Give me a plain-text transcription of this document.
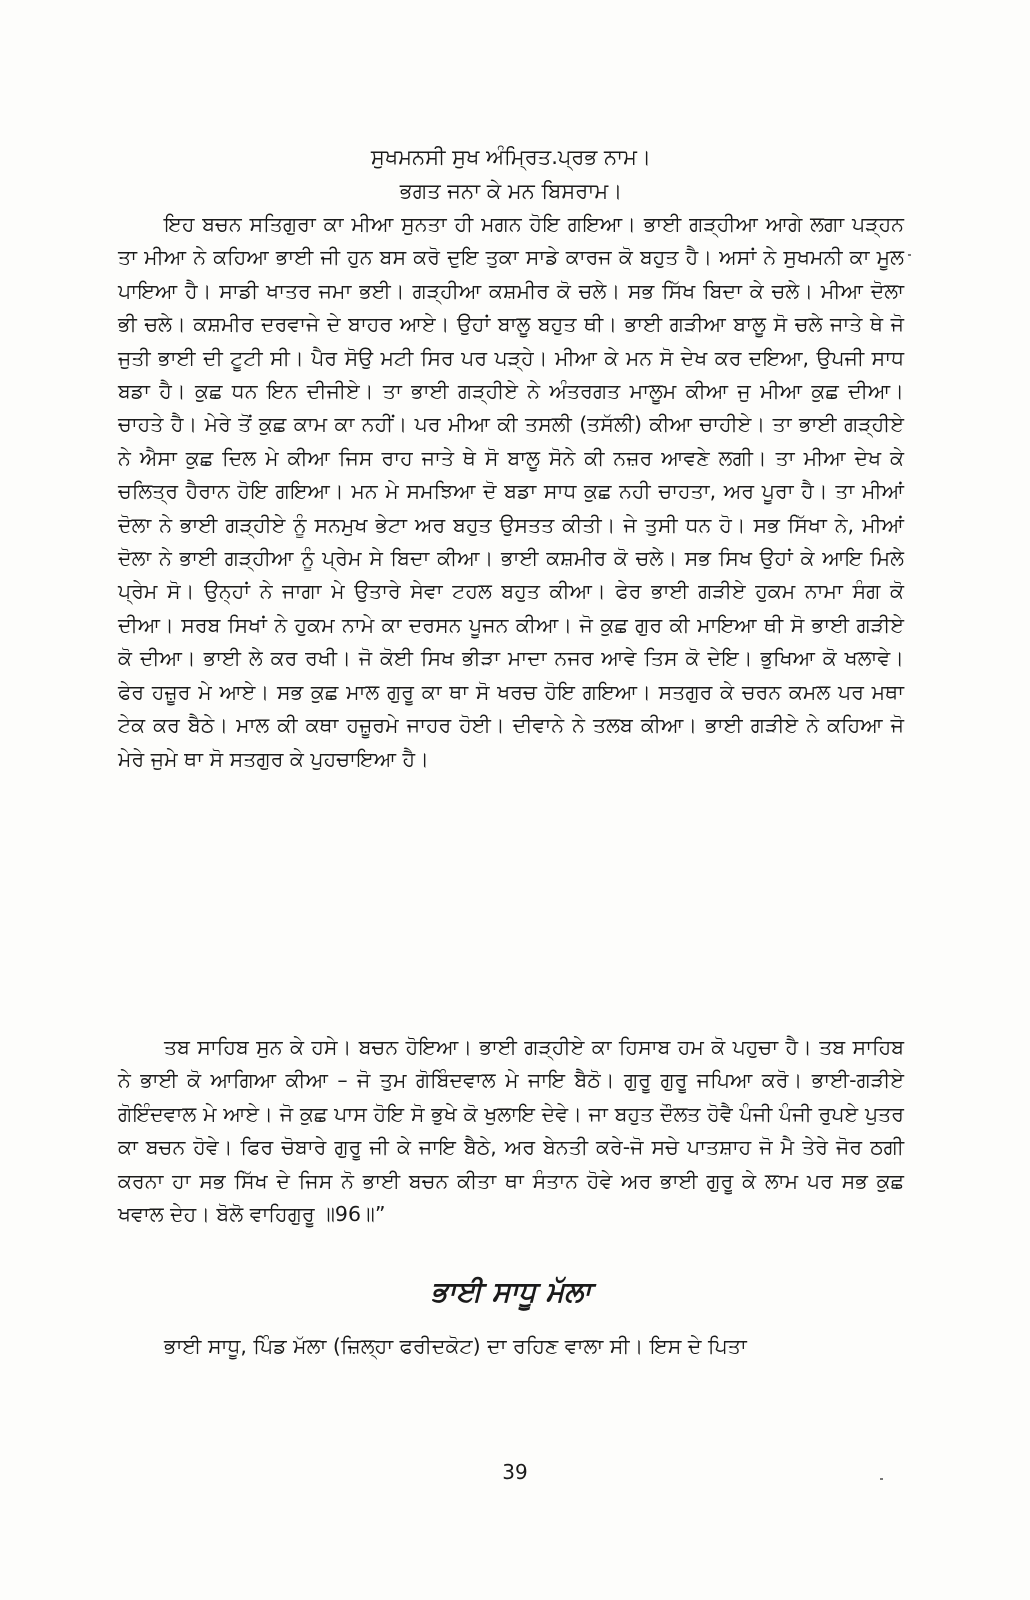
ਸੁਖਮਨਸੀ ਸੁਖ ਅੰਮ੍ਰਿਤ.ਪ੍ਰਭ ਨਾਮ।
ਭਗਤ ਜਨਾ ਕੇ ਮਨ ਬਿਸਰਾਮ।

ਇਹ ਬਚਨ ਸਤਿਗੁਰਾ ਕਾ ਮੀਆ ਸੁਨਤਾ ਹੀ ਮਗਨ ਹੋਇ ਗਇਆ। ਭਾਈ ਗੜ੍ਹੀਆ ਆਗੇ ਲਗਾ ਪੜ੍ਹਨ ਤਾ ਮੀਆ ਨੇ ਕਹਿਆ ਭਾਈ ਜੀ ਹੁਨ ਬਸ ਕਰੋ ਦੁਇ ਤੁਕਾ ਸਾਡੇ ਕਾਰਜ ਕੋ ਬਹੁਤ ਹੈ। ਅਸਾਂ ਨੇ ਸੁਖਮਨੀ ਕਾ ਮੂਲ ਪਾਇਆ ਹੈ। ਸਾਡੀ ਖਾਤਰ ਜਮਾ ਭਈ। ਗੜ੍ਹੀਆ ਕਸ਼ਮੀਰ ਕੋ ਚਲੇ। ਸਭ ਸਿੱਖ ਬਿਦਾ ਕੇ ਚਲੇ। ਮੀਆ ਦੋਲਾ ਭੀ ਚਲੇ। ਕਸ਼ਮੀਰ ਦਰਵਾਜੇ ਦੇ ਬਾਹਰ ਆਏ। ਉਹਾਂ ਬਾਲੂ ਬਹੁਤ ਥੀ। ਭਾਈ ਗੜੀਆ ਬਾਲੂ ਸੋ ਚਲੇ ਜਾਤੇ ਥੇ ਜੋ ਜੁਤੀ ਭਾਈ ਦੀ ਟੂਟੀ ਸੀ। ਪੈਰ ਸੋਉ ਮਟੀ ਸਿਰ ਪਰ ਪੜ੍ਹੇ। ਮੀਆ ਕੇ ਮਨ ਸੋ ਦੇਖ ਕਰ ਦਇਆ, ਉਪਜੀ ਸਾਧ ਬਡਾ ਹੈ। ਕੁਛ ਧਨ ਇਨ ਦੀਜੀਏ। ਤਾ ਭਾਈ ਗੜ੍ਹੀਏ ਨੇ ਅੰਤਰਗਤ ਮਾਲੂਮ ਕੀਆ ਜੁ ਮੀਆ ਕੁਛ ਦੀਆ। ਚਾਹਤੇ ਹੈ। ਮੇਰੇ ਤੋਂ ਕੁਛ ਕਾਮ ਕਾ ਨਹੀਂ। ਪਰ ਮੀਆ ਕੀ ਤਸਲੀ (ਤਸੱਲੀ) ਕੀਆ ਚਾਹੀਏ। ਤਾ ਭਾਈ ਗੜ੍ਹੀਏ ਨੇ ਐਸਾ ਕੁਛ ਦਿਲ ਮੇ ਕੀਆ ਜਿਸ ਰਾਹ ਜਾਤੇ ਥੇ ਸੋ ਬਾਲੂ ਸੋਨੇ ਕੀ ਨਜ਼ਰ ਆਵਣੇ ਲਗੀ। ਤਾ ਮੀਆ ਦੇਖ ਕੇ ਚਲਿਤ੍ਰ ਹੈਰਾਨ ਹੋਇ ਗਇਆ। ਮਨ ਮੇ ਸਮਝਿਆ ਦੋ ਬਡਾ ਸਾਧ ਕੁਛ ਨਹੀ ਚਾਹਤਾ, ਅਰ ਪੂਰਾ ਹੈ। ਤਾ ਮੀਆਂ ਦੋਲਾ ਨੇ ਭਾਈ ਗੜ੍ਹੀਏ ਨੂੰ ਸਨਮੁਖ ਭੇਟਾ ਅਰ ਬਹੁਤ ਉਸਤਤ ਕੀਤੀ। ਜੇ ਤੁਸੀ ਧਨ ਹੋ। ਸਭ ਸਿੱਖਾ ਨੇ, ਮੀਆਂ ਦੋਲਾ ਨੇ ਭਾਈ ਗੜ੍ਹੀਆ ਨੂੰ ਪ੍ਰੇਮ ਸੇ ਬਿਦਾ ਕੀਆ। ਭਾਈ ਕਸ਼ਮੀਰ ਕੋ ਚਲੇ। ਸਭ ਸਿਖ ਉਹਾਂ ਕੇ ਆਇ ਮਿਲੇ ਪ੍ਰੇਮ ਸੋ। ਉਨ੍ਹਾਂ ਨੇ ਜਾਗਾ ਮੇ ਉਤਾਰੇ ਸੇਵਾ ਟਹਲ ਬਹੁਤ ਕੀਆ। ਫੇਰ ਭਾਈ ਗੜੀਏ ਹੁਕਮ ਨਾਮਾ ਸੰਗ ਕੋ ਦੀਆ। ਸਰਬ ਸਿਖਾਂ ਨੇ ਹੁਕਮ ਨਾਮੇ ਕਾ ਦਰਸਨ ਪੂਜਨ ਕੀਆ। ਜੋ ਕੁਛ ਗੁਰ ਕੀ ਮਾਇਆ ਥੀ ਸੋ ਭਾਈ ਗੜੀਏ ਕੋ ਦੀਆ। ਭਾਈ ਲੇ ਕਰ ਰਖੀ। ਜੋ ਕੋਈ ਸਿਖ ਭੀੜਾ ਮਾਦਾ ਨਜਰ ਆਵੇ ਤਿਸ ਕੋ ਦੇਇ। ਭੁਖਿਆ ਕੋ ਖਲਾਵੇ। ਫੇਰ ਹਜ਼ੂਰ ਮੇ ਆਏ। ਸਭ ਕੁਛ ਮਾਲ ਗੁਰੂ ਕਾ ਥਾ ਸੋ ਖਰਚ ਹੋਇ ਗਇਆ। ਸਤਗੁਰ ਕੇ ਚਰਨ ਕਮਲ ਪਰ ਮਥਾ ਟੇਕ ਕਰ ਬੈਠੇ। ਮਾਲ ਕੀ ਕਥਾ ਹਜ਼ੂਰਮੇ ਜਾਹਰ ਹੋਈ। ਦੀਵਾਨੇ ਨੇ ਤਲਬ ਕੀਆ। ਭਾਈ ਗੜੀਏ ਨੇ ਕਹਿਆ ਜੋ ਮੇਰੇ ਜੁਮੇ ਥਾ ਸੋ ਸਤਗੁਰ ਕੇ ਪੁਹਚਾਇਆ ਹੈ।

ਤਬ ਸਾਹਿਬ ਸੁਨ ਕੇ ਹਸੇ। ਬਚਨ ਹੋਇਆ। ਭਾਈ ਗੜ੍ਹੀਏ ਕਾ ਹਿਸਾਬ ਹਮ ਕੋ ਪਹੁਚਾ ਹੈ। ਤਬ ਸਾਹਿਬ ਨੇ ਭਾਈ ਕੋ ਆਗਿਆ ਕੀਆ – ਜੋ ਤੁਮ ਗੋਬਿੰਦਵਾਲ ਮੇ ਜਾਇ ਬੈਠੋ। ਗੁਰੂ ਗੁਰੂ ਜਪਿਆ ਕਰੋ। ਭਾਈ-ਗੜੀਏ ਗੋਇੰਦਵਾਲ ਮੇ ਆਏ। ਜੋ ਕੁਛ ਪਾਸ ਹੋਇ ਸੋ ਭੁਖੇ ਕੋ ਖੁਲਾਇ ਦੇਵੇ। ਜਾ ਬਹੁਤ ਦੌਲਤ ਹੋਵੈ ਪੰਜੀ ਪੰਜੀ ਰੁਪਏ ਪੁਤਰ ਕਾ ਬਚਨ ਹੋਵੇ। ਫਿਰ ਚੋਬਾਰੇ ਗੁਰੂ ਜੀ ਕੇ ਜਾਇ ਬੈਠੇ, ਅਰ ਬੇਨਤੀ ਕਰੇ-ਜੋ ਸਚੇ ਪਾਤਸ਼ਾਹ ਜੋ ਮੈ ਤੇਰੇ ਜੋਰ ਠਗੀ ਕਰਨਾ ਹਾ ਸਭ ਸਿੱਖ ਦੇ ਜਿਸ ਨੋ ਭਾਈ ਬਚਨ ਕੀਤਾ ਥਾ ਸੰਤਾਨ ਹੋਵੇ ਅਰ ਭਾਈ ਗੁਰੂ ਕੇ ਲਾਮ ਪਰ ਸਭ ਕੁਛ ਖਵਾਲ ਦੇਹ। ਬੋਲੋ ਵਾਹਿਗੁਰੂ ॥96॥”

ਭਾਈ ਸਾਧੂ ਮੱਲਾ

ਭਾਈ ਸਾਧੂ, ਪਿੰਡ ਮੱਲਾ (ਜ਼ਿਲ੍ਹਾ ਫਰੀਦਕੋਟ) ਦਾ ਰਹਿਣ ਵਾਲਾ ਸੀ। ਇਸ ਦੇ ਪਿਤਾ

39
